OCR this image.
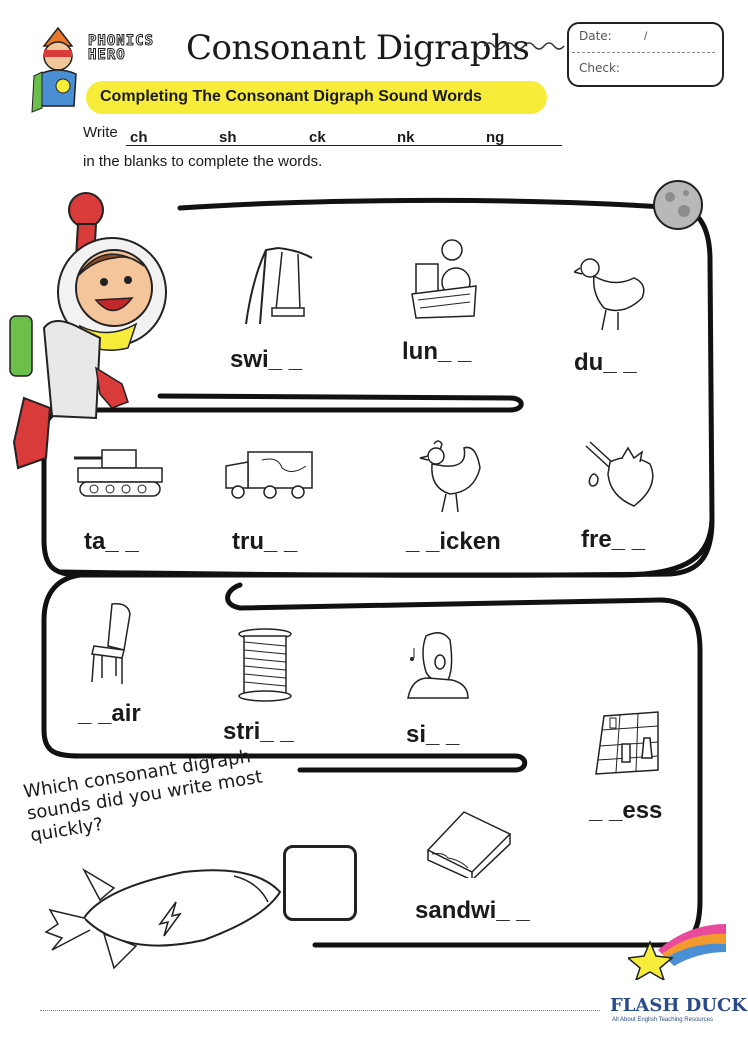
PHONICS
HERO	Consonant Digraphs
Completing The Consonant Digraph Sound Words
Date:	/
Check:
Write ch	sh	ck	nk	ng
in the blanks to complete the words.
swi_ _	lun_ _	du_ _
ta_ _	tru_ _	_ _icken	fre_ _
_ _air
stri_ _	si_ _
_ _ess
sandwi_ _
Which consonant digraph sounds did you write most quickly?
FLASH DUCK
All About English Teaching Resources
